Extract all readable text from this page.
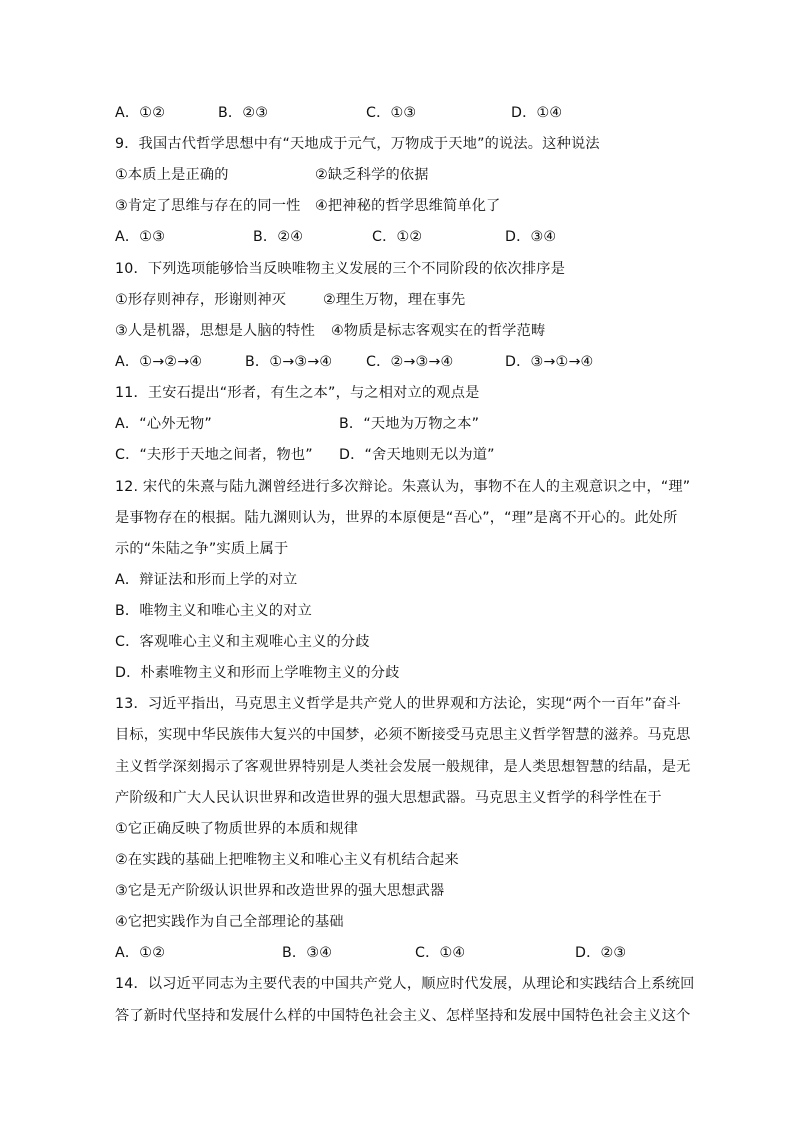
A．①②	B．②③	C．①③	D．①④
9．我国古代哲学思想中有“天地成于元气，万物成于天地”的说法。这种说法
①本质上是正确的	②缺乏科学的依据
③肯定了思维与存在的同一性 ④把神秘的哲学思维简单化了
A．①③	B．②④	C．①②	D．③④
10．下列选项能够恰当反映唯物主义发展的三个不同阶段的依次排序是
①形存则神存，形谢则神灭	②理生万物，理在事先
③人是机器，思想是人脑的特性 ④物质是标志客观实在的哲学范畴
A．①→②→④	B．①→③→④ C．②→③→④	D．③→①→④
11．王安石提出“形者，有生之本”，与之相对立的观点是
A．“心外无物”	B．“天地为万物之本”
C．“夫形于天地之间者，物也” D．“舍天地则无以为道”
12. 宋代的朱熹与陆九渊曾经进行多次辩论。朱熹认为，事物不在人的主观意识之中，“理”
是事物存在的根据。陆九渊则认为，世界的本原便是“吾心”，“理”是离不开心的。此处所
示的“朱陆之争”实质上属于
A．辩证法和形而上学的对立
B．唯物主义和唯心主义的对立
C．客观唯心主义和主观唯心主义的分歧
D．朴素唯物主义和形而上学唯物主义的分歧
13．习近平指出，马克思主义哲学是共产党人的世界观和方法论，实现“两个一百年”奋斗
目标，实现中华民族伟大复兴的中国梦，必须不断接受马克思主义哲学智慧的滋养。马克思
主义哲学深刻揭示了客观世界特别是人类社会发展一般规律，是人类思想智慧的结晶，是无
产阶级和广大人民认识世界和改造世界的强大思想武器。马克思主义哲学的科学性在于
①它正确反映了物质世界的本质和规律
②在实践的基础上把唯物主义和唯心主义有机结合起来
③它是无产阶级认识世界和改造世界的强大思想武器
④它把实践作为自己全部理论的基础
A．①②	B．③④	C．①④	D．②③
14．以习近平同志为主要代表的中国共产党人，顺应时代发展，从理论和实践结合上系统回
答了新时代坚持和发展什么样的中国特色社会主义、怎样坚持和发展中国特色社会主义这个
